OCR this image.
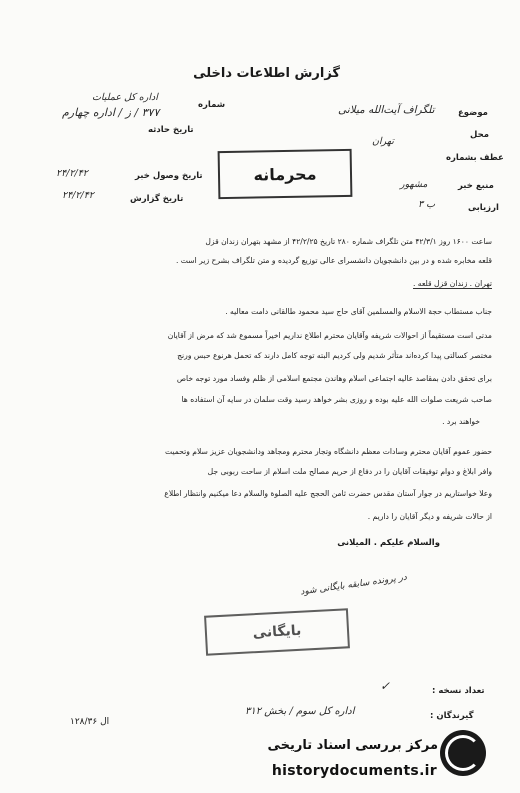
گزارش اطلاعات داخلی
شماره
اداره کل عملیات
۳۷۷ / ز / اداره چهارم
تاریخ حادثه
تاریخ وصول خبر
۲۴/۲/۴۲
تاریخ گزارش
۲۴/۲/۴۲
محرمانه
موضوع
تلگراف آیت‌الله میلانی
محل
تهران
عطف بشماره
منبع خبر
مشهور
ارزیابی
ب ۳
ساعت ۱۶۰۰ روز ۴۲/۳/۱ متن تلگراف شماره ۲۸۰ تاریخ ۴۲/۲/۲۵ از مشهد بتهران زندان قزل
قلعه مخابره شده و در بین دانشجویان دانشسرای عالی توزیع گردیده و متن تلگراف بشرح زیر است .
تهران . زندان قزل قلعه .
جناب مستطاب حجة الاسلام والمسلمین آقای حاج سید محمود طالقانی دامت معالیه .
مدتی است مستقیماً از احوالات شریفه وآقایان محترم اطلاع نداریم اخیراً مسموع شد که مرض از آقایان
مختصر کسالتی پیدا کرده‌اند متأثر شدیم ولی کردیم البته توجه کامل دارند که تحمل هرنوع حبس ورنج
برای تحقق دادن بمقاصد عالیه اجتماعی اسلام وهاندن مجتمع اسلامی از ظلم وفساد مورد توجه خاص
صاحب شریعت صلوات الله علیه بوده و روزی بشر خواهد رسید وقت سلمان در سایه آن استفاده ها
خواهند برد .
حضور عموم آقایان محترم وسادات معظم دانشگاه وتجار محترم ومجاهد ودانشجویان عزیز سلام وتحمیت
وافر ابلاغ و دوام توفیقات آقایان را در دفاع از حریم مصالح ملت اسلام از ساحت ربوبی جل
وعلا خواستاریم در جوار آستان مقدس حضرت ثامن الحجج علیه الصلوة والسلام دعا میکنیم وانتظار اطلاع
از حالات شریفه و دیگر آقایان را داریم .
والسلام علیکم . المیلانی
در پرونده سابقه بایگانی شود
بایگانی
تعداد نسخه :
✓
گیرندگان :
اداره کل سوم / بخش ۳۱۲
ال ۱۲۸/۳۶
مرکز بررسی اسناد تاریخی
historydocuments.ir
